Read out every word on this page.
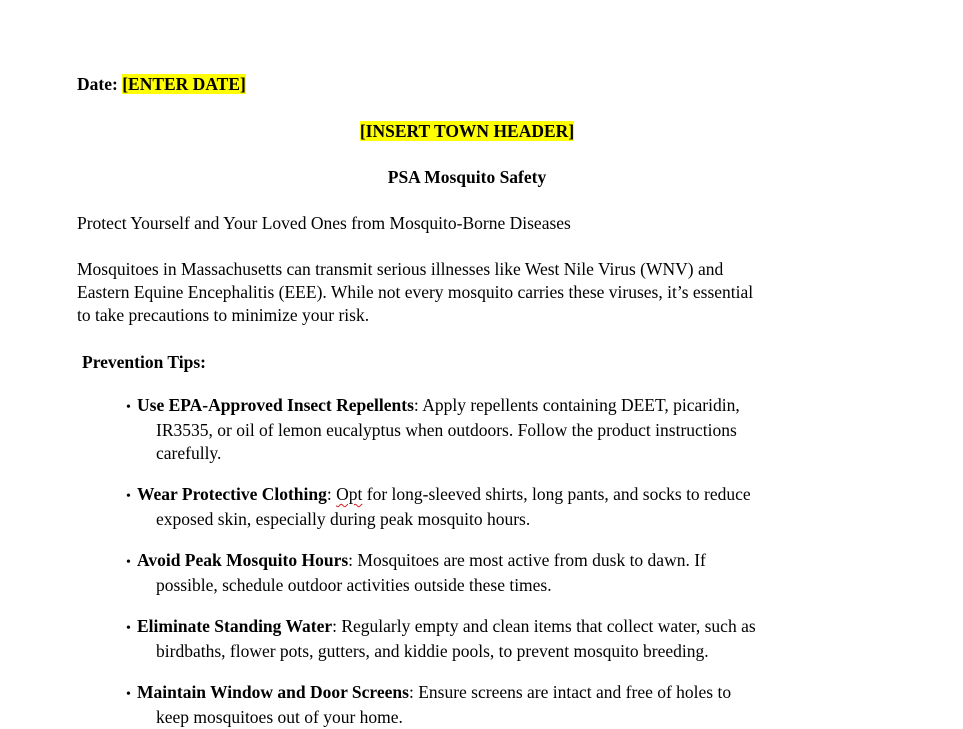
Date: [ENTER DATE]
[INSERT TOWN HEADER]
PSA Mosquito Safety
Protect Yourself and Your Loved Ones from Mosquito-Borne Diseases
Mosquitoes in Massachusetts can transmit serious illnesses like West Nile Virus (WNV) and
Eastern Equine Encephalitis (EEE). While not every mosquito carries these viruses, it’s essential
to take precautions to minimize your risk.
Prevention Tips:
• Use EPA-Approved Insect Repellents: Apply repellents containing DEET, picaridin,
IR3535, or oil of lemon eucalyptus when outdoors. Follow the product instructions
carefully.
• Wear Protective Clothing: Opt for long-sleeved shirts, long pants, and socks to reduce
exposed skin, especially during peak mosquito hours.
• Avoid Peak Mosquito Hours: Mosquitoes are most active from dusk to dawn. If
possible, schedule outdoor activities outside these times.
• Eliminate Standing Water: Regularly empty and clean items that collect water, such as
birdbaths, flower pots, gutters, and kiddie pools, to prevent mosquito breeding.
• Maintain Window and Door Screens: Ensure screens are intact and free of holes to
keep mosquitoes out of your home.
